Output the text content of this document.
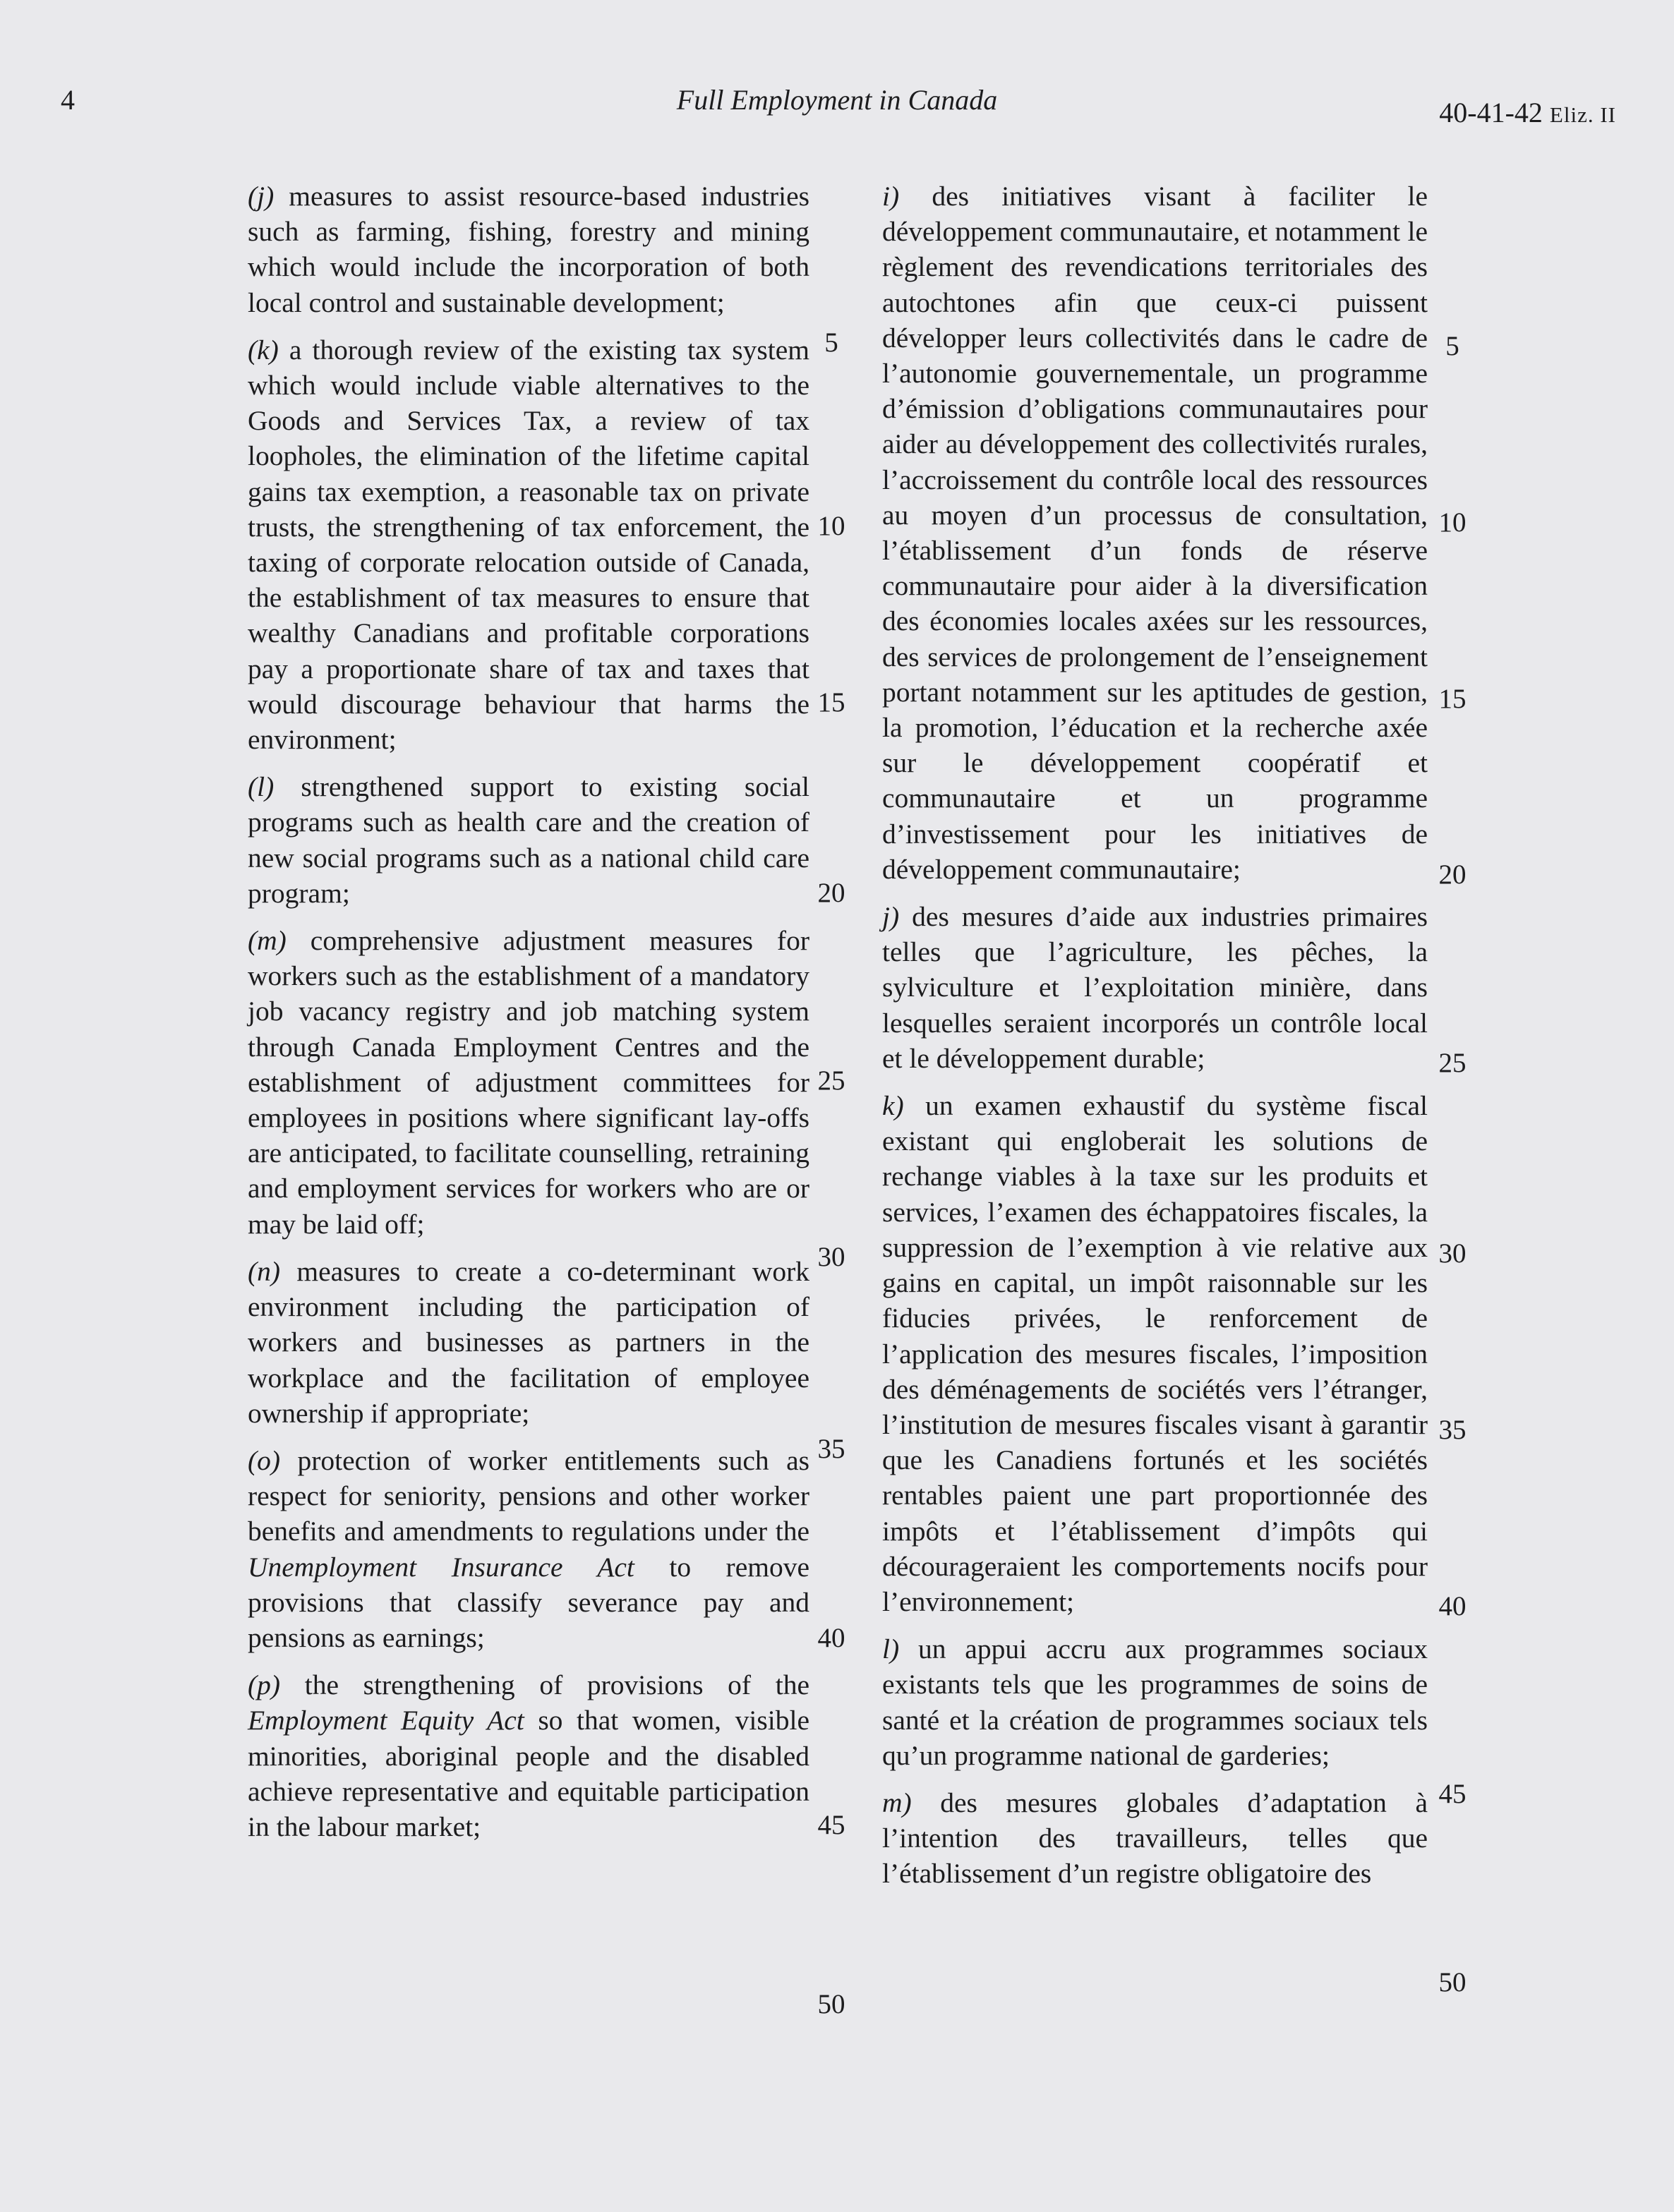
4	Full Employment in Canada	40-41-42 Eliz. II

(j) measures to assist resource-based industries such as farming, fishing, forestry and mining which would include the incorporation of both local control and sustainable development;

(k) a thorough review of the existing tax system which would include viable alternatives to the Goods and Services Tax, a review of tax loopholes, the elimination of the lifetime capital gains tax exemption, a reasonable tax on private trusts, the strengthening of tax enforcement, the taxing of corporate relocation outside of Canada, the establishment of tax measures to ensure that wealthy Canadians and profitable corporations pay a proportionate share of tax and taxes that would discourage behaviour that harms the environment;

(l) strengthened support to existing social programs such as health care and the creation of new social programs such as a national child care program;

(m) comprehensive adjustment measures for workers such as the establishment of a mandatory job vacancy registry and job matching system through Canada Employment Centres and the establishment of adjustment committees for employees in positions where significant lay-offs are anticipated, to facilitate counselling, retraining and employment services for workers who are or may be laid off;

(n) measures to create a co-determinant work environment including the participation of workers and businesses as partners in the workplace and the facilitation of employee ownership if appropriate;

(o) protection of worker entitlements such as respect for seniority, pensions and other worker benefits and amendments to regulations under the Unemployment Insurance Act to remove provisions that classify severance pay and pensions as earnings;

(p) the strengthening of provisions of the Employment Equity Act so that women, visible minorities, aboriginal people and the disabled achieve representative and equitable participation in the labour market;

5
10
15
20
25
30
35
40
45
50

i) des initiatives visant à faciliter le développement communautaire, et notamment le règlement des revendications territoriales des autochtones afin que ceux-ci puissent développer leurs collectivités dans le cadre de l’autonomie gouvernementale, un programme d’émission d’obligations communautaires pour aider au développement des collectivités rurales, l’accroissement du contrôle local des ressources au moyen d’un processus de consultation, l’établissement d’un fonds de réserve communautaire pour aider à la diversification des économies locales axées sur les ressources, des services de prolongement de l’enseignement portant notamment sur les aptitudes de gestion, la promotion, l’éducation et la recherche axée sur le développement coopératif et communautaire et un programme d’investissement pour les initiatives de développement communautaire;

j) des mesures d’aide aux industries primaires telles que l’agriculture, les pêches, la sylviculture et l’exploitation minière, dans lesquelles seraient incorporés un contrôle local et le développement durable;

k) un examen exhaustif du système fiscal existant qui engloberait les solutions de rechange viables à la taxe sur les produits et services, l’examen des échappatoires fiscales, la suppression de l’exemption à vie relative aux gains en capital, un impôt raisonnable sur les fiducies privées, le renforcement de l’application des mesures fiscales, l’imposition des déménagements de sociétés vers l’étranger, l’institution de mesures fiscales visant à garantir que les Canadiens fortunés et les sociétés rentables paient une part proportionnée des impôts et l’établissement d’impôts qui décourageraient les comportements nocifs pour l’environnement;

l) un appui accru aux programmes sociaux existants tels que les programmes de soins de santé et la création de programmes sociaux tels qu’un programme national de garderies;

m) des mesures globales d’adaptation à l’intention des travailleurs, telles que l’établissement d’un registre obligatoire des

5
10
15
20
25
30
35
40
45
50
